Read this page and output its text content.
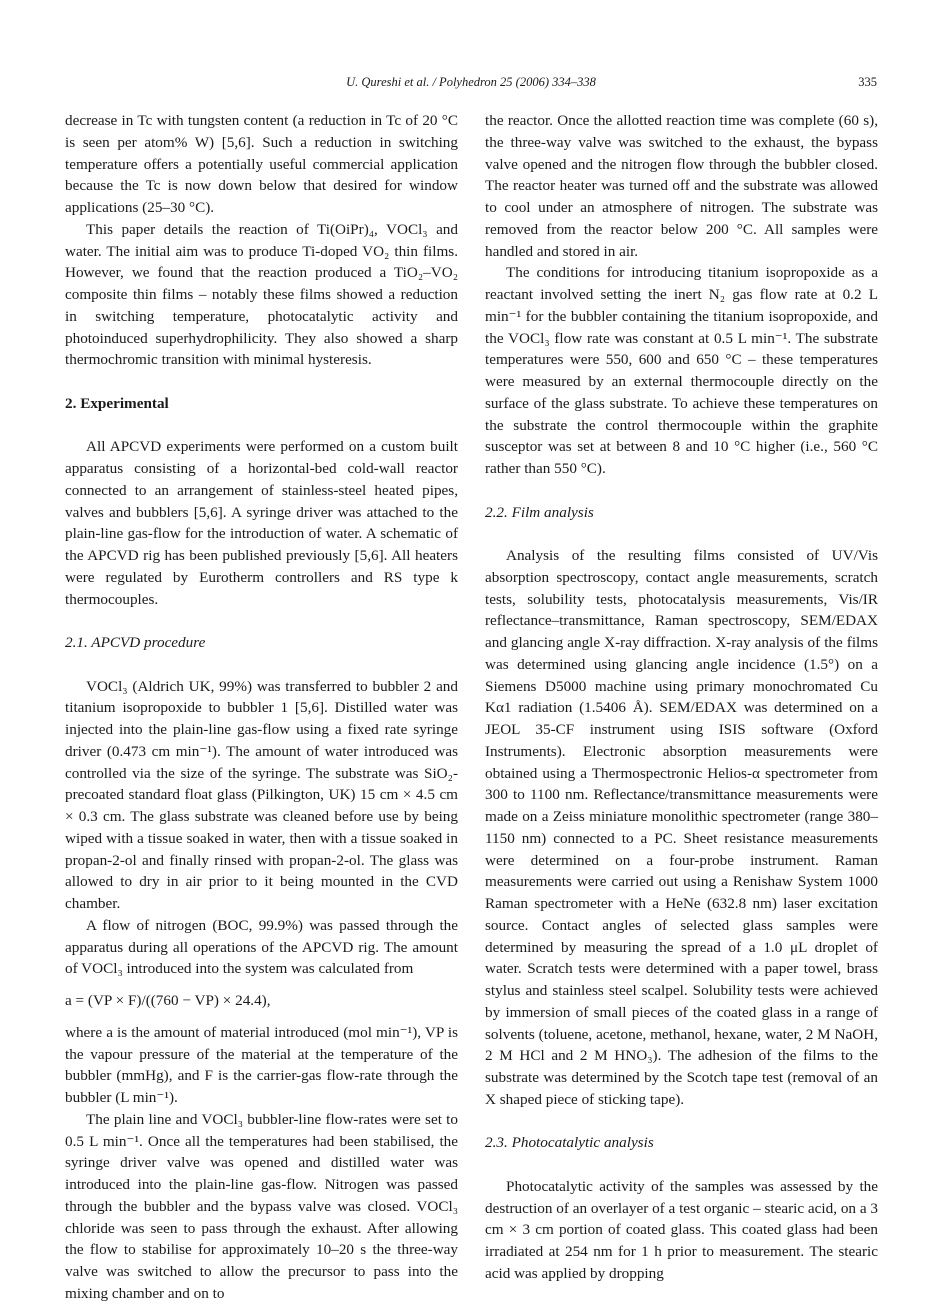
U. Qureshi et al. / Polyhedron 25 (2006) 334–338	335

decrease in Tc with tungsten content (a reduction in Tc of 20 °C is seen per atom% W) [5,6]. Such a reduction in switching temperature offers a potentially useful commercial application because the Tc is now down below that desired for window applications (25–30 °C).

This paper details the reaction of Ti(OiPr)₄, VOCl₃ and water. The initial aim was to produce Ti-doped VO₂ thin films. However, we found that the reaction produced a TiO₂–VO₂ composite thin films – notably these films showed a reduction in switching temperature, photocatalytic activity and photoinduced superhydrophilicity. They also showed a sharp thermochromic transition with minimal hysteresis.

2. Experimental

All APCVD experiments were performed on a custom built apparatus consisting of a horizontal-bed cold-wall reactor connected to an arrangement of stainless-steel heated pipes, valves and bubblers [5,6]. A syringe driver was attached to the plain-line gas-flow for the introduction of water. A schematic of the APCVD rig has been published previously [5,6]. All heaters were regulated by Eurotherm controllers and RS type k thermocouples.

2.1. APCVD procedure

VOCl₃ (Aldrich UK, 99%) was transferred to bubbler 2 and titanium isopropoxide to bubbler 1 [5,6]. Distilled water was injected into the plain-line gas-flow using a fixed rate syringe driver (0.473 cm min⁻¹). The amount of water introduced was controlled via the size of the syringe. The substrate was SiO₂-precoated standard float glass (Pilkington, UK) 15 cm × 4.5 cm × 0.3 cm. The glass substrate was cleaned before use by being wiped with a tissue soaked in water, then with a tissue soaked in propan-2-ol and finally rinsed with propan-2-ol. The glass was allowed to dry in air prior to it being mounted in the CVD chamber.

A flow of nitrogen (BOC, 99.9%) was passed through the apparatus during all operations of the APCVD rig. The amount of VOCl₃ introduced into the system was calculated from

a = (VP × F)/((760 − VP) × 24.4),

where a is the amount of material introduced (mol min⁻¹), VP is the vapour pressure of the material at the temperature of the bubbler (mmHg), and F is the carrier-gas flow-rate through the bubbler (L min⁻¹).

The plain line and VOCl₃ bubbler-line flow-rates were set to 0.5 L min⁻¹. Once all the temperatures had been stabilised, the syringe driver valve was opened and distilled water was introduced into the plain-line gas-flow. Nitrogen was passed through the bubbler and the bypass valve was closed. VOCl₃ chloride was seen to pass through the exhaust. After allowing the flow to stabilise for approximately 10–20 s the three-way valve was switched to allow the precursor to pass into the mixing chamber and on to

the reactor. Once the allotted reaction time was complete (60 s), the three-way valve was switched to the exhaust, the bypass valve opened and the nitrogen flow through the bubbler closed. The reactor heater was turned off and the substrate was allowed to cool under an atmosphere of nitrogen. The substrate was removed from the reactor below 200 °C. All samples were handled and stored in air.

The conditions for introducing titanium isopropoxide as a reactant involved setting the inert N₂ gas flow rate at 0.2 L min⁻¹ for the bubbler containing the titanium isopropoxide, and the VOCl₃ flow rate was constant at 0.5 L min⁻¹. The substrate temperatures were 550, 600 and 650 °C – these temperatures were measured by an external thermocouple directly on the surface of the glass substrate. To achieve these temperatures on the substrate the control thermocouple within the graphite susceptor was set at between 8 and 10 °C higher (i.e., 560 °C rather than 550 °C).

2.2. Film analysis

Analysis of the resulting films consisted of UV/Vis absorption spectroscopy, contact angle measurements, scratch tests, solubility tests, photocatalysis measurements, Vis/IR reflectance–transmittance, Raman spectroscopy, SEM/EDAX and glancing angle X-ray diffraction. X-ray analysis of the films was determined using glancing angle incidence (1.5°) on a Siemens D5000 machine using primary monochromated Cu Kα1 radiation (1.5406 Å). SEM/EDAX was determined on a JEOL 35-CF instrument using ISIS software (Oxford Instruments). Electronic absorption measurements were obtained using a Thermospectronic Helios-α spectrometer from 300 to 1100 nm. Reflectance/transmittance measurements were made on a Zeiss miniature monolithic spectrometer (range 380–1150 nm) connected to a PC. Sheet resistance measurements were determined on a four-probe instrument. Raman measurements were carried out using a Renishaw System 1000 Raman spectrometer with a HeNe (632.8 nm) laser excitation source. Contact angles of selected glass samples were determined by measuring the spread of a 1.0 μL droplet of water. Scratch tests were determined with a paper towel, brass stylus and stainless steel scalpel. Solubility tests were achieved by immersion of small pieces of the coated glass in a range of solvents (toluene, acetone, methanol, hexane, water, 2 M NaOH, 2 M HCl and 2 M HNO₃). The adhesion of the films to the substrate was determined by the Scotch tape test (removal of an X shaped piece of sticking tape).

2.3. Photocatalytic analysis

Photocatalytic activity of the samples was assessed by the destruction of an overlayer of a test organic – stearic acid, on a 3 cm × 3 cm portion of coated glass. This coated glass had been irradiated at 254 nm for 1 h prior to measurement. The stearic acid was applied by dropping
